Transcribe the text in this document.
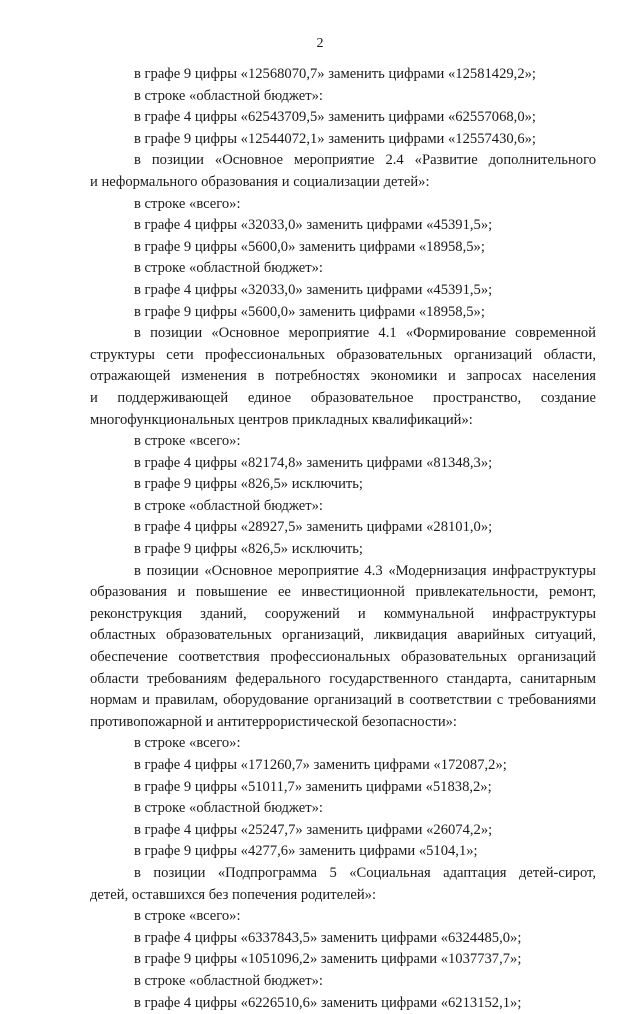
2
в графе 9 цифры «12568070,7» заменить цифрами «12581429,2»;
в строке «областной бюджет»:
в графе 4 цифры «62543709,5» заменить цифрами «62557068,0»;
в графе 9 цифры «12544072,1» заменить цифрами «12557430,6»;
в позиции «Основное мероприятие 2.4 «Развитие дополнительного
и неформального образования и социализации детей»:
в строке «всего»:
в графе 4 цифры «32033,0» заменить цифрами «45391,5»;
в графе 9 цифры «5600,0» заменить цифрами «18958,5»;
в строке «областной бюджет»:
в графе 4 цифры «32033,0» заменить цифрами «45391,5»;
в графе 9 цифры «5600,0» заменить цифрами «18958,5»;
в позиции «Основное мероприятие 4.1 «Формирование современной
структуры сети профессиональных образовательных организаций области,
отражающей изменения в потребностях экономики и запросах населения
и поддерживающей единое образовательное пространство, создание
многофункциональных центров прикладных квалификаций»:
в строке «всего»:
в графе 4 цифры «82174,8» заменить цифрами «81348,3»;
в графе 9 цифры «826,5» исключить;
в строке «областной бюджет»:
в графе 4 цифры «28927,5» заменить цифрами «28101,0»;
в графе 9 цифры «826,5» исключить;
в позиции «Основное мероприятие 4.3 «Модернизация инфраструктуры
образования и повышение ее инвестиционной привлекательности, ремонт,
реконструкция зданий, сооружений и коммунальной инфраструктуры
областных образовательных организаций, ликвидация аварийных ситуаций,
обеспечение соответствия профессиональных образовательных организаций
области требованиям федерального государственного стандарта, санитарным
нормам и правилам, оборудование организаций в соответствии с требованиями
противопожарной и антитеррористической безопасности»:
в строке «всего»:
в графе 4 цифры «171260,7» заменить цифрами «172087,2»;
в графе 9 цифры «51011,7» заменить цифрами «51838,2»;
в строке «областной бюджет»:
в графе 4 цифры «25247,7» заменить цифрами «26074,2»;
в графе 9 цифры «4277,6» заменить цифрами «5104,1»;
в позиции «Подпрограмма 5 «Социальная адаптация детей-сирот,
детей, оставшихся без попечения родителей»:
в строке «всего»:
в графе 4 цифры «6337843,5» заменить цифрами «6324485,0»;
в графе 9 цифры «1051096,2» заменить цифрами «1037737,7»;
в строке «областной бюджет»:
в графе 4 цифры «6226510,6» заменить цифрами «6213152,1»;
